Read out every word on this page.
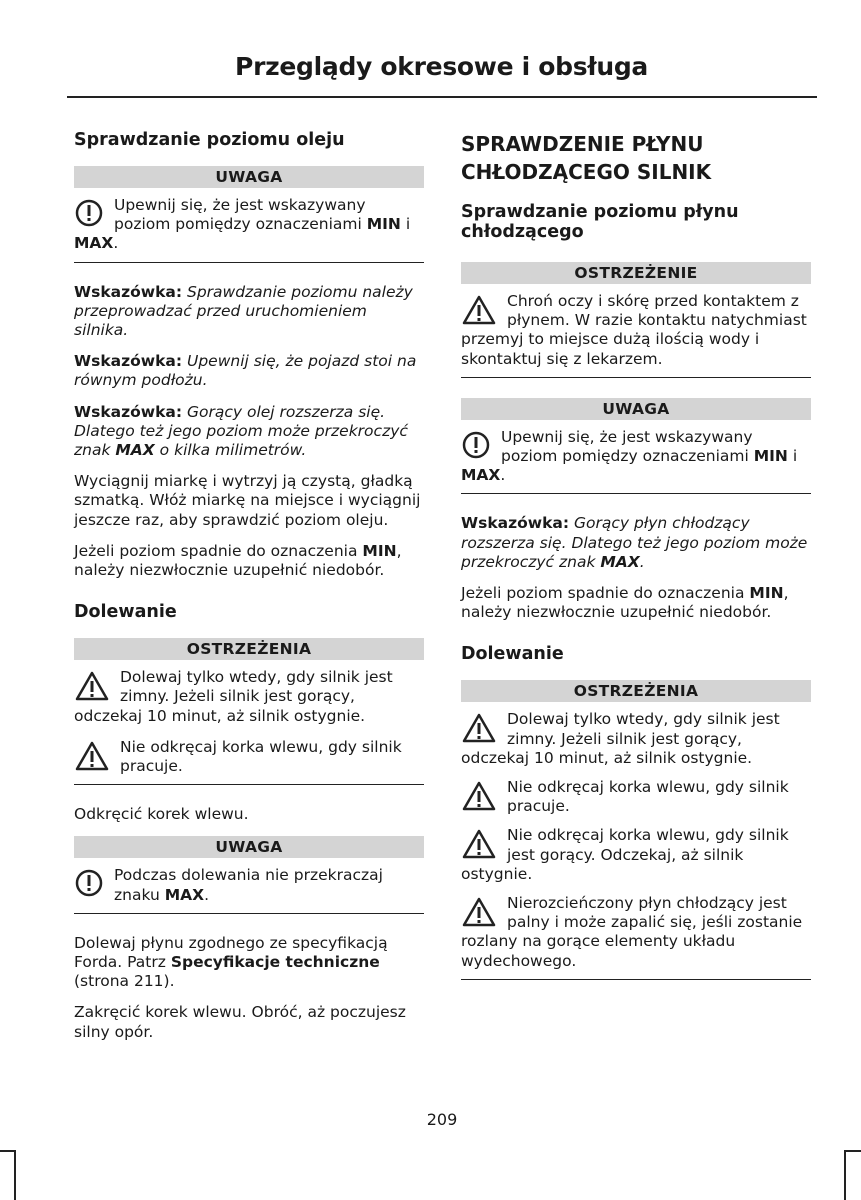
Przeglądy okresowe i obsługa
Sprawdzanie poziomu oleju
UWAGA
Upewnij się, że jest wskazywany poziom pomiędzy oznaczeniami MIN i MAX.

Wskazówka: Sprawdzanie poziomu należy przeprowadzać przed uruchomieniem silnika.

Wskazówka: Upewnij się, że pojazd stoi na równym podłożu.

Wskazówka: Gorący olej rozszerza się. Dlatego też jego poziom może przekroczyć znak MAX o kilka milimetrów.

Wyciągnij miarkę i wytrzyj ją czystą, gładką szmatką. Włóż miarkę na miejsce i wyciągnij jeszcze raz, aby sprawdzić poziom oleju.

Jeżeli poziom spadnie do oznaczenia MIN, należy niezwłocznie uzupełnić niedobór.

Dolewanie
OSTRZEŻENIA
Dolewaj tylko wtedy, gdy silnik jest zimny. Jeżeli silnik jest gorący, odczekaj 10 minut, aż silnik ostygnie.
Nie odkręcaj korka wlewu, gdy silnik pracuje.

Odkręcić korek wlewu.

UWAGA
Podczas dolewania nie przekraczaj znaku MAX.

Dolewaj płynu zgodnego ze specyfikacją Forda. Patrz Specyfikacje techniczne (strona 211).

Zakręcić korek wlewu. Obróć, aż poczujesz silny opór.

SPRAWDZENIE PŁYNU CHŁODZĄCEGO SILNIK
Sprawdzanie poziomu płynu chłodzącego
OSTRZEŻENIE
Chroń oczy i skórę przed kontaktem z płynem. W razie kontaktu natychmiast przemyj to miejsce dużą ilością wody i skontaktuj się z lekarzem.
UWAGA
Upewnij się, że jest wskazywany poziom pomiędzy oznaczeniami MIN i MAX.

Wskazówka: Gorący płyn chłodzący rozszerza się. Dlatego też jego poziom może przekroczyć znak MAX.

Jeżeli poziom spadnie do oznaczenia MIN, należy niezwłocznie uzupełnić niedobór.

Dolewanie
OSTRZEŻENIA
Dolewaj tylko wtedy, gdy silnik jest zimny. Jeżeli silnik jest gorący, odczekaj 10 minut, aż silnik ostygnie.
Nie odkręcaj korka wlewu, gdy silnik pracuje.
Nie odkręcaj korka wlewu, gdy silnik jest gorący. Odczekaj, aż silnik ostygnie.
Nierozcieńczony płyn chłodzący jest palny i może zapalić się, jeśli zostanie rozlany na gorące elementy układu wydechowego.
209
